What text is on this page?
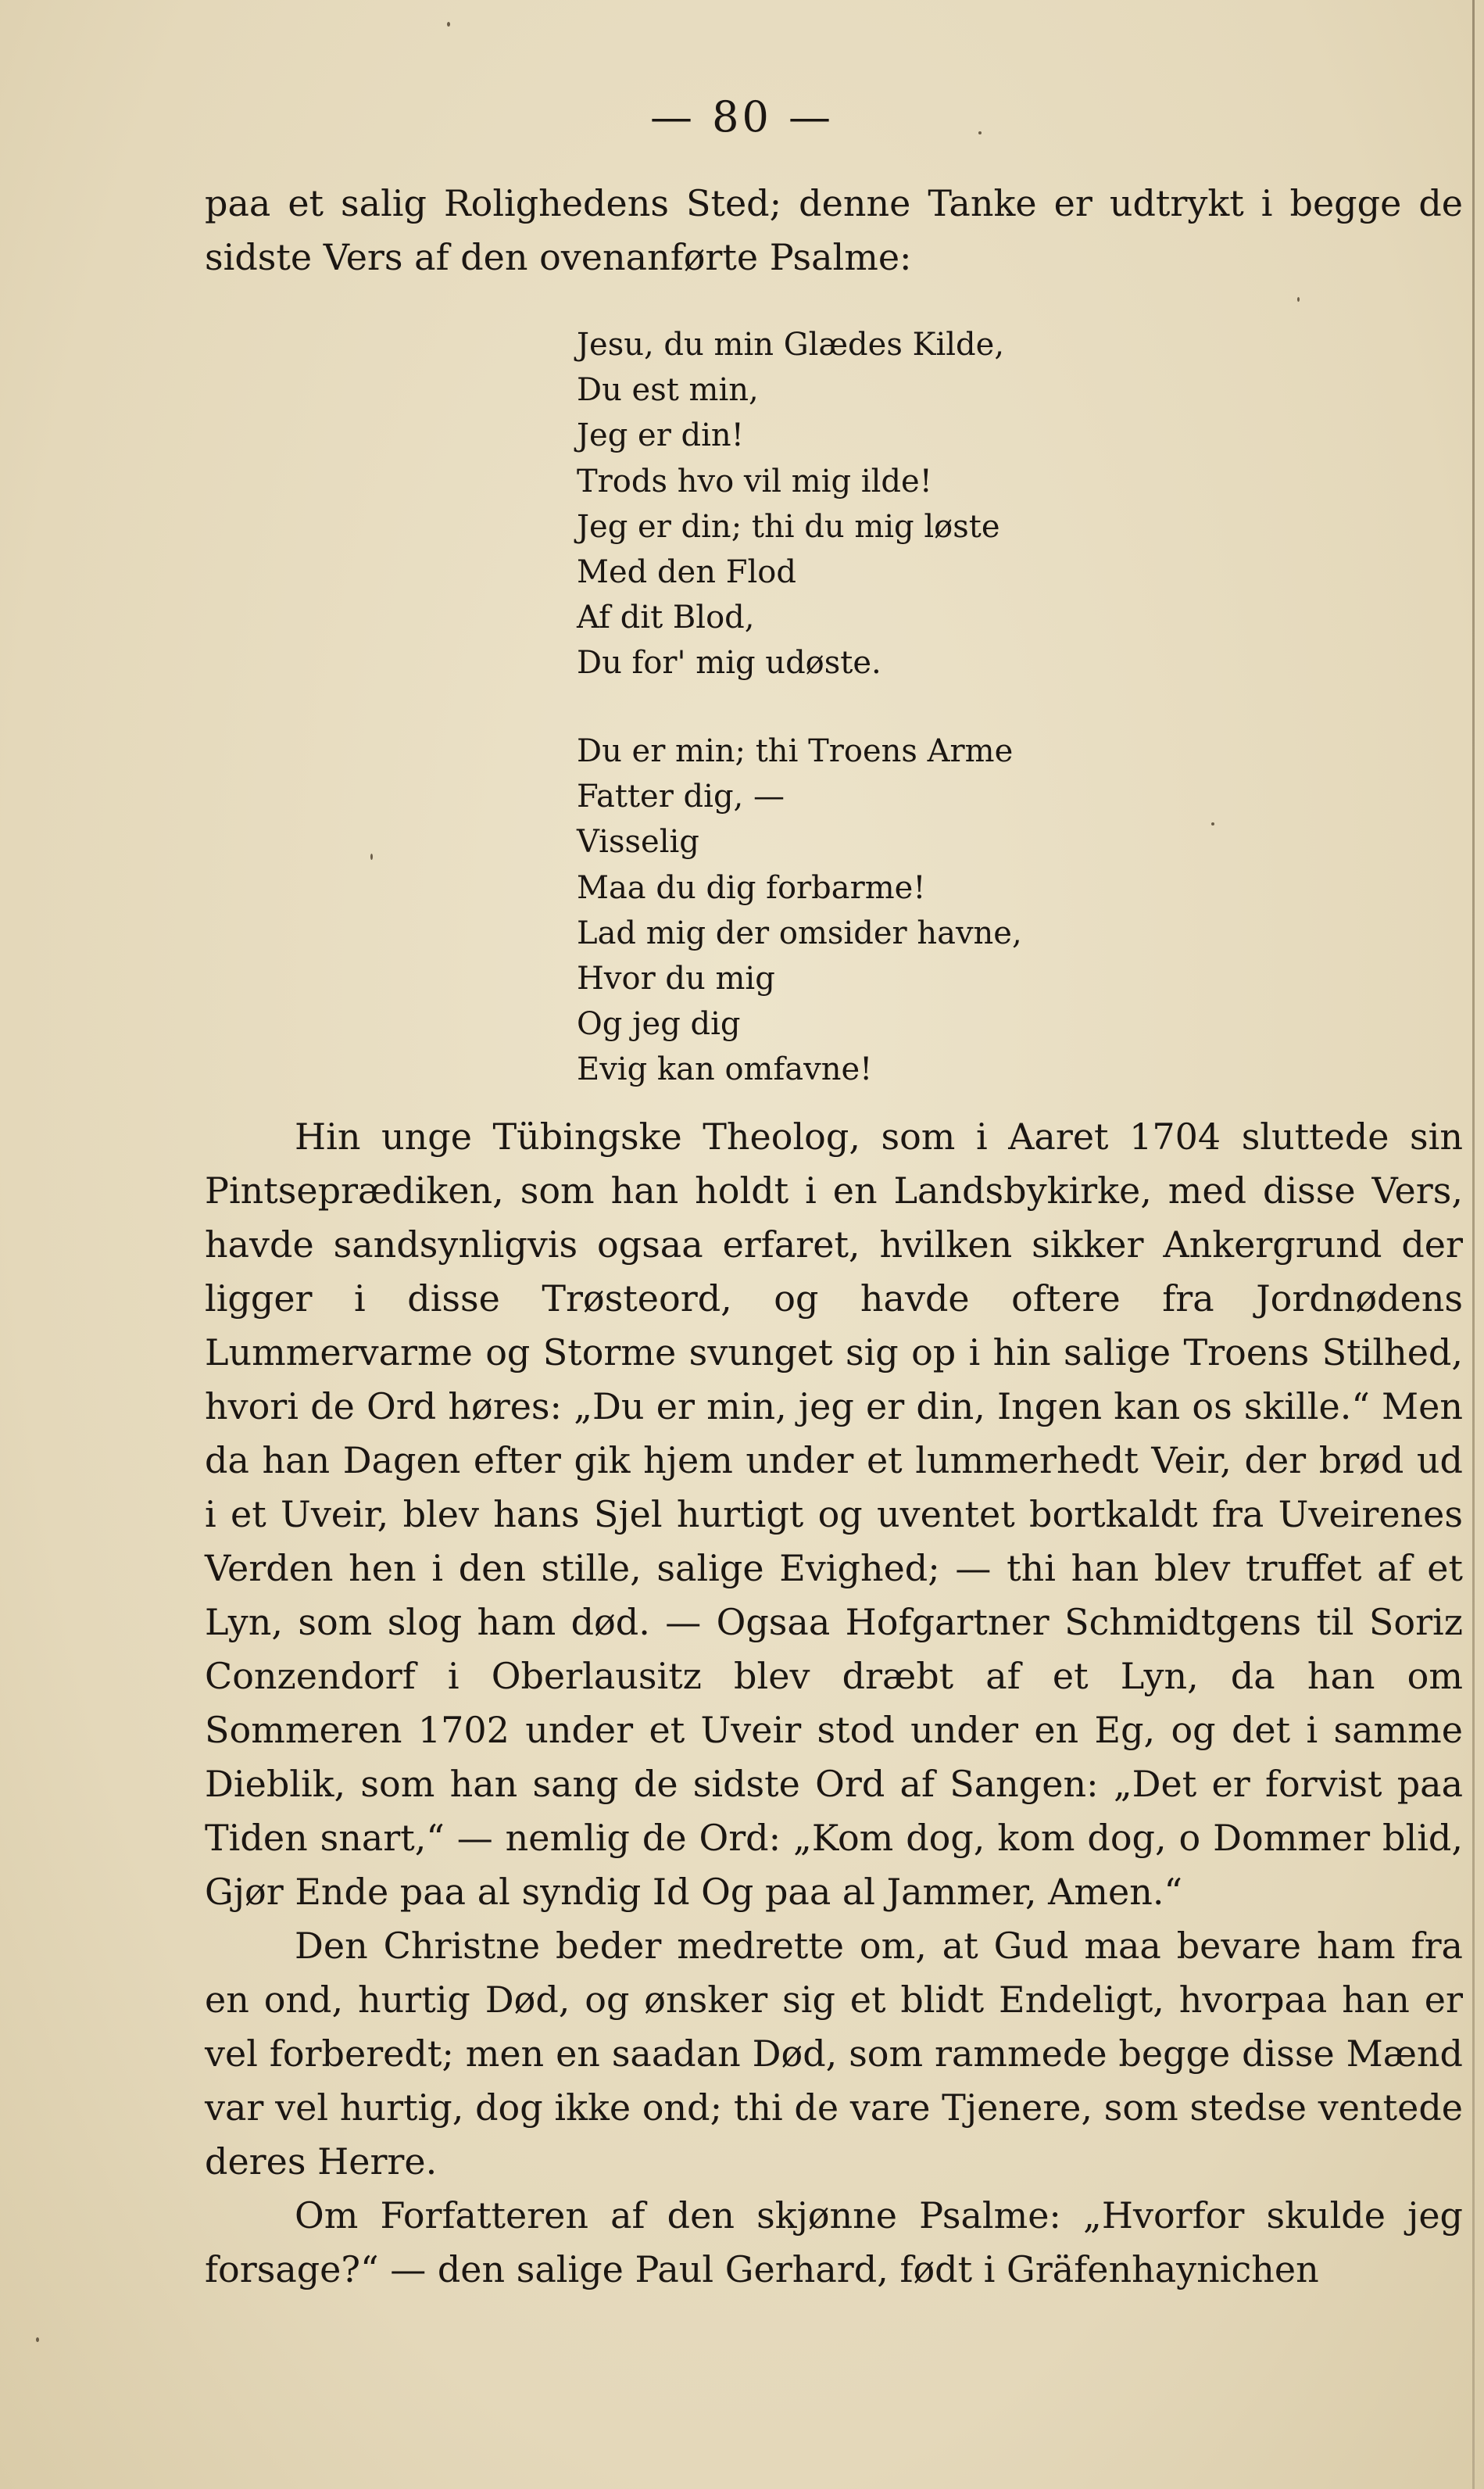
— 80 —

paa et salig Rolighedens Sted; denne Tanke er udtrykt i begge de sidste Vers af den ovenanførte Psalme:

Jesu, du min Glædes Kilde,
Du est min,
Jeg er din!
Trods hvo vil mig ilde!
Jeg er din; thi du mig løste
Med den Flod
Af dit Blod,
Du for' mig udøste.
Du er min; thi Troens Arme
Fatter dig, —
Visselig
Maa du dig forbarme!
Lad mig der omsider havne,
Hvor du mig
Og jeg dig
Evig kan omfavne!

Hin unge Tübingske Theolog, som i Aaret 1704 sluttede sin Pintseprædiken, som han holdt i en Landsbykirke, med disse Vers, havde sandsynligvis ogsaa erfaret, hvilken sikker Ankergrund der ligger i disse Trøsteord, og havde oftere fra Jordnødens Lummervarme og Storme svunget sig op i hin salige Troens Stilhed, hvori de Ord høres: „Du er min, jeg er din, Ingen kan os skille.“ Men da han Dagen efter gik hjem under et lummerhedt Veir, der brød ud i et Uveir, blev hans Sjel hurtigt og uventet bortkaldt fra Uveirenes Verden hen i den stille, salige Evighed; — thi han blev truffet af et Lyn, som slog ham død. — Ogsaa Hofgartner Schmidtgens til Soriz Conzendorf i Oberlausitz blev dræbt af et Lyn, da han om Sommeren 1702 under et Uveir stod under en Eg, og det i samme Dieblik, som han sang de sidste Ord af Sangen: „Det er forvist paa Tiden snart,“ — nemlig de Ord: „Kom dog, kom dog, o Dommer blid, Gjør Ende paa al syndig Id Og paa al Jammer, Amen.“

Den Christne beder medrette om, at Gud maa bevare ham fra en ond, hurtig Død, og ønsker sig et blidt Endeligt, hvorpaa han er vel forberedt; men en saadan Død, som rammede begge disse Mænd var vel hurtig, dog ikke ond; thi de vare Tjenere, som stedse ventede deres Herre.

Om Forfatteren af den skjønne Psalme: „Hvorfor skulde jeg forsage?“ — den salige Paul Gerhard, født i Gräfenhaynichen
